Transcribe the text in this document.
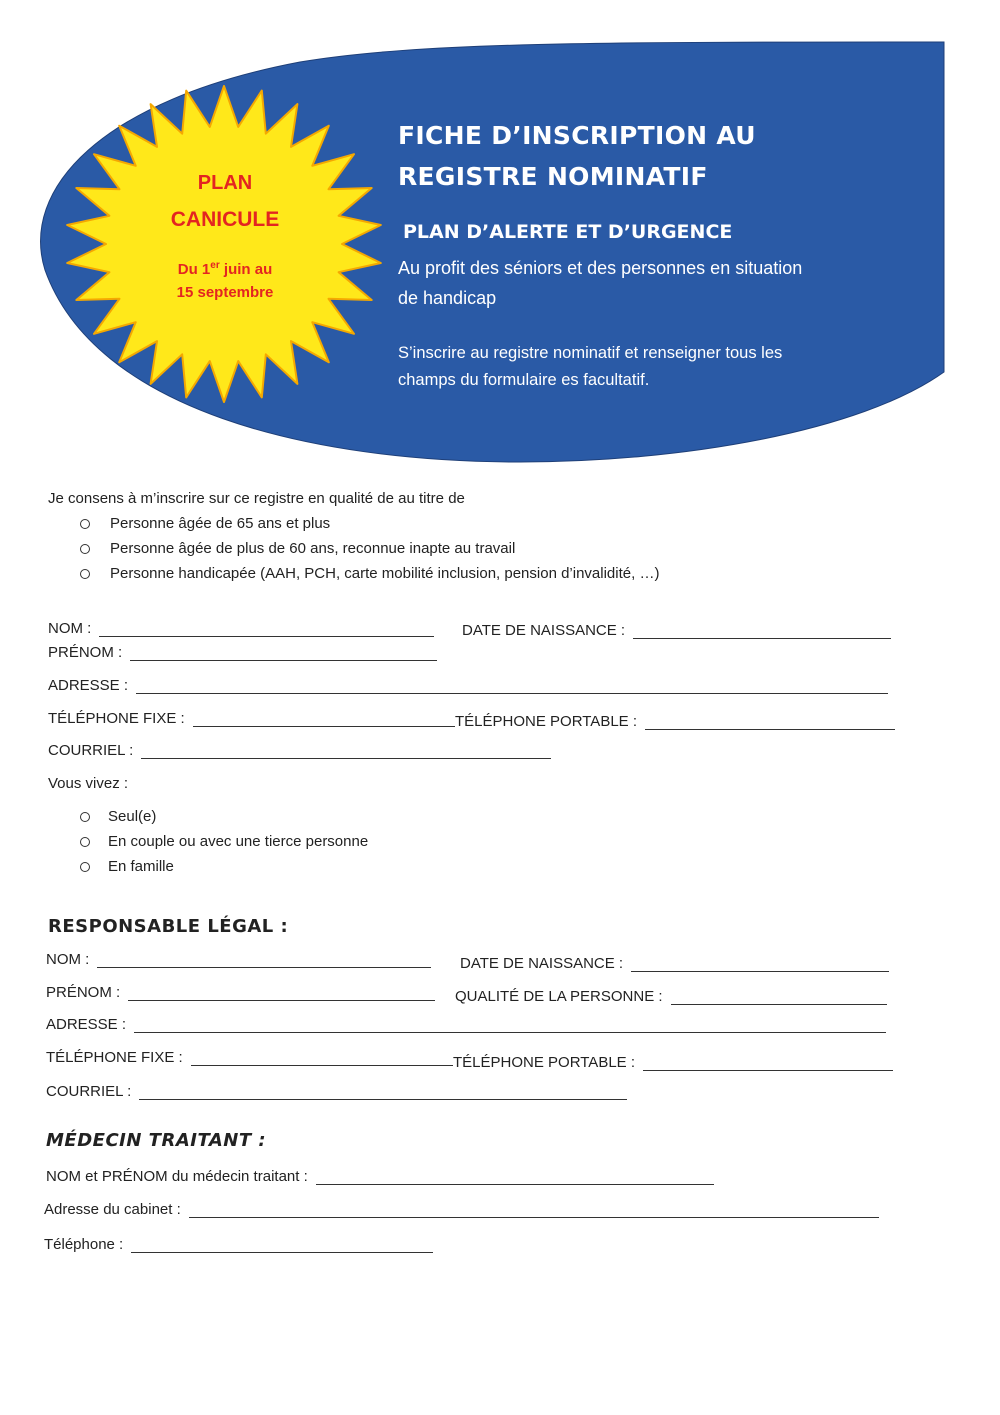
FICHE D’INSCRIPTION AU

REGISTRE NOMINATIF

PLAN D’ALERTE ET D’URGENCE

Au profit des séniors et des personnes en situation de handicap
S’inscrire au registre nominatif et renseigner tous les champs du formulaire es facultatif.
PLAN
CANICULE
Du 1er juin au
15 septembre
Je consens à m’inscrire sur ce registre en qualité de au titre de
Personne âgée de 65 ans et plus
Personne âgée de plus de 60 ans, reconnue inapte au travail
Personne handicapée (AAH, PCH, carte mobilité inclusion, pension d’invalidité, …)
NOM :	DATE DE NAISSANCE :
PRÉNOM :
ADRESSE :
TÉLÉPHONE FIXE :	TÉLÉPHONE PORTABLE :
COURRIEL :
Vous vivez :
Seul(e)
En couple ou avec une tierce personne
En famille
RESPONSABLE LÉGAL :
NOM :	DATE DE NAISSANCE :
PRÉNOM :	QUALITÉ DE LA PERSONNE :
ADRESSE :
TÉLÉPHONE FIXE :	TÉLÉPHONE PORTABLE :
COURRIEL :
MÉDECIN TRAITANT :
NOM et PRÉNOM du médecin traitant :
Adresse du cabinet :
Téléphone :
